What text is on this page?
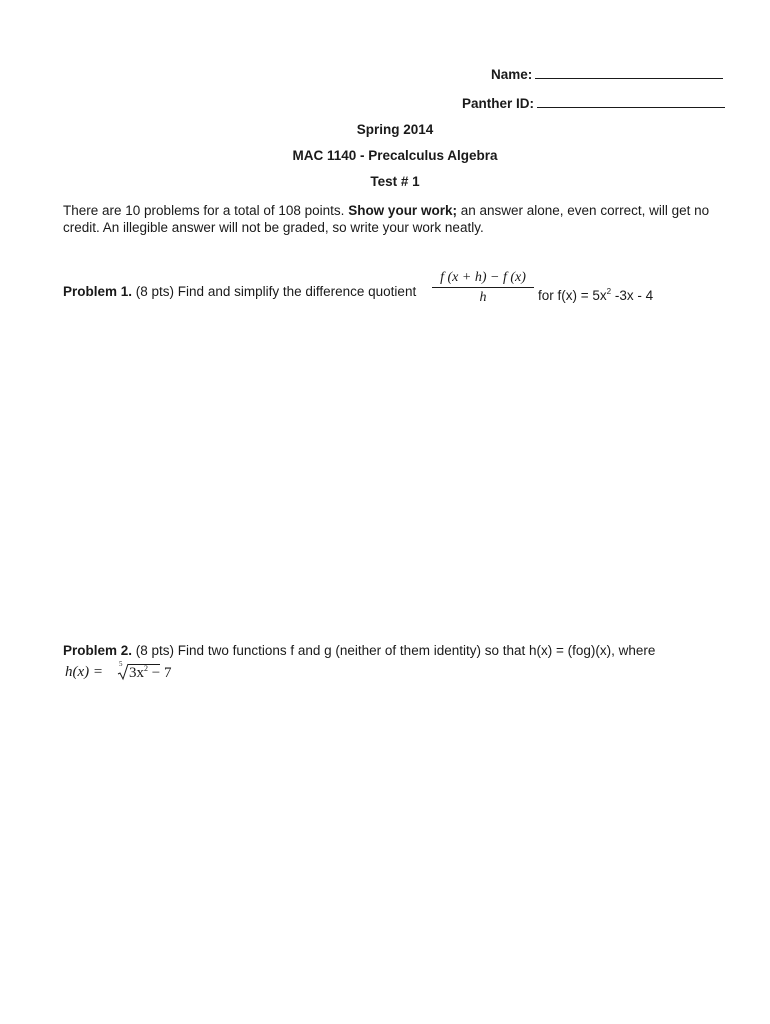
Name:
Panther ID:
Spring 2014
MAC 1140 - Precalculus Algebra
Test # 1
There are 10 problems for a total of 108 points. Show your work; an answer alone, even correct, will get no
credit. An illegible answer will not be graded, so write your work neatly.
Problem 1. (8 pts) Find and simplify the difference quotient
f (x + h) − f (x)
h	for $f(x) = 5x^2$ -3x - 4
Problem 2. (8 pts) Find two functions f and g (neither of them identity) so that h(x) = (fog)(x), where
h(x) = 5
$3x^2 - 7$
